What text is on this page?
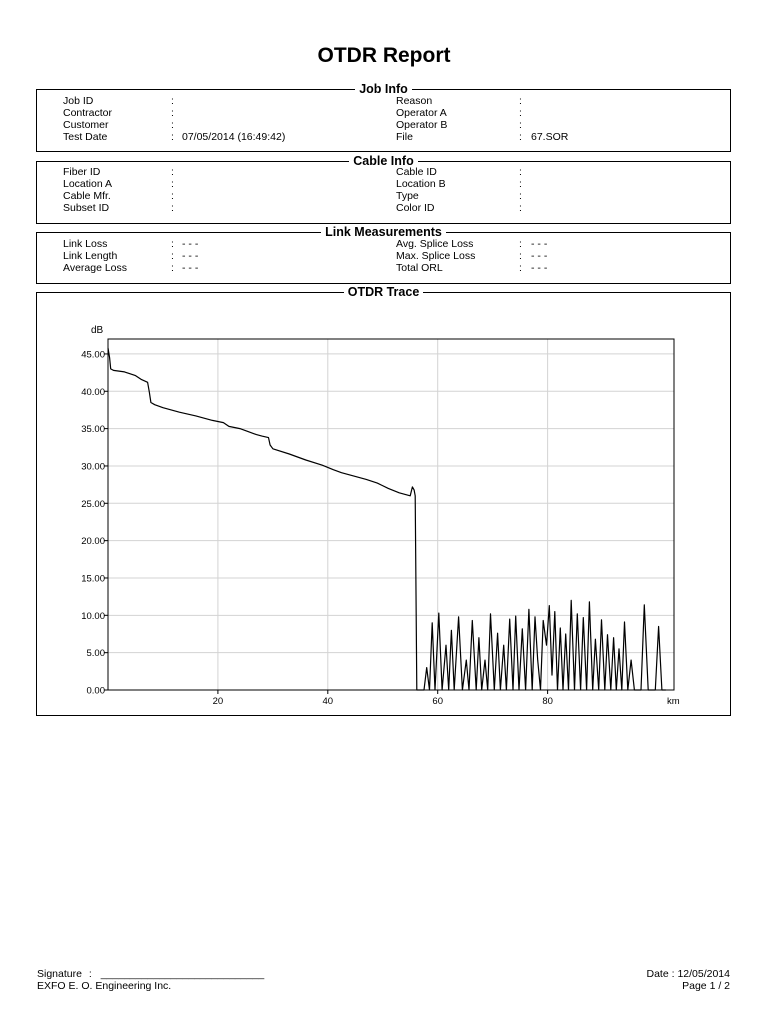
OTDR Report
Job Info
Job ID	:
Contractor	:
Customer	:
Test Date	: 07/05/2014 (16:49:42)
Reason	:
Operator A	:
Operator B	:
File	: 67.SOR
Cable Info
Fiber ID	:
Location A	:
Cable Mfr.	:
Subset ID	:
Cable ID	:
Location B	:
Type	:
Color ID	:
Link Measurements
Link Loss	: - - -
Link Length	: - - -
Average Loss	: - - -
Avg. Splice Loss	: - - -
Max. Splice Loss	: - - -
Total ORL	: - - -
OTDR Trace
20	40	60	80
0.00
5.00
10.00
15.00
20.00
25.00
30.00
35.00
40.00
45.00
dB
km
Signature : ____________________________
EXFO E. O. Engineering Inc.
Date : 12/05/2014
Page 1 / 2
